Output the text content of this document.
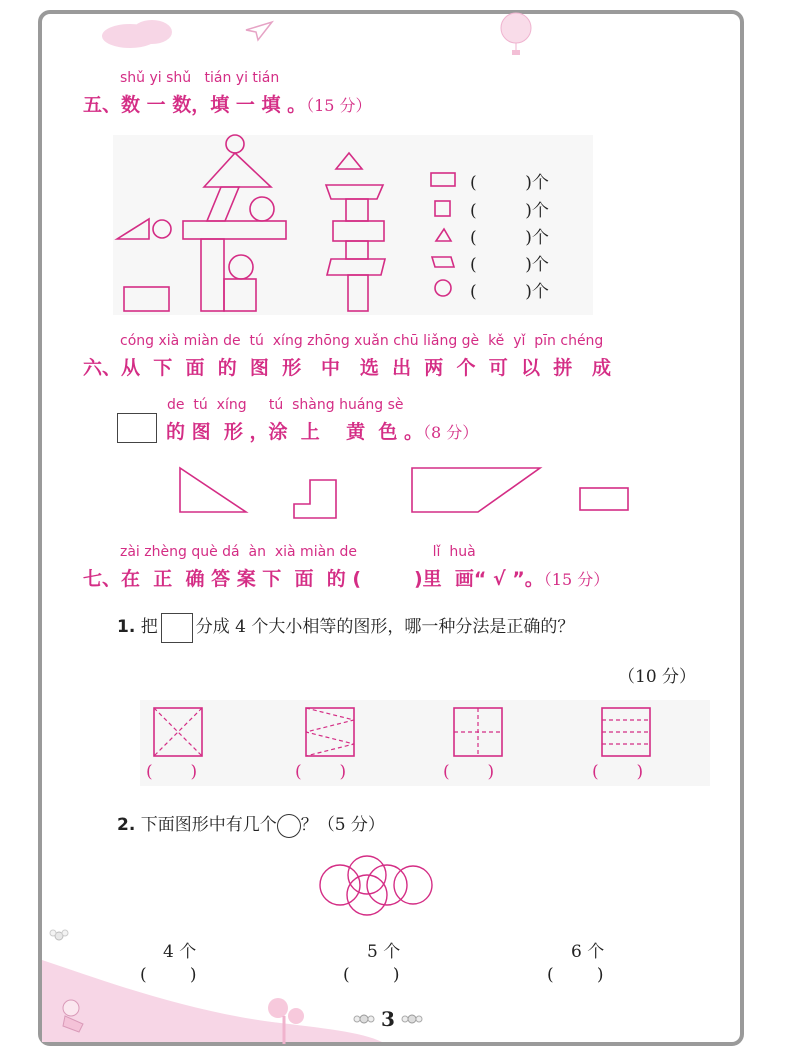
shǔ yi shǔ   tián yi tián
五、数 一 数，填 一 填 。（15 分）
(	)个
(	)个
(	)个
(	)个
(	)个
cóng xià miàn de  tú  xíng zhōng xuǎn chū liǎng gè  kě  yǐ  pīn chéng
六、从  下  面  的  图  形   中   选  出  两  个  可  以  拼   成
de  tú  xíng     tú  shàng huáng sè
的 图  形 ，涂  上    黄  色 。（8 分）
zài zhèng què dá  àn  xià miàn de                 lǐ  huà
七、在  正  确 答 案 下  面  的 (        )里  画“ √ ”。（15 分）
1. 把 分成 4 个大小相等的图形，哪一种分法是正确的？
（10 分）
( )	( )	( )	( )
2. 下面图形中有几个 ？（5 分）
4 个
(        )
5 个
(        )
6 个
(        )
3
